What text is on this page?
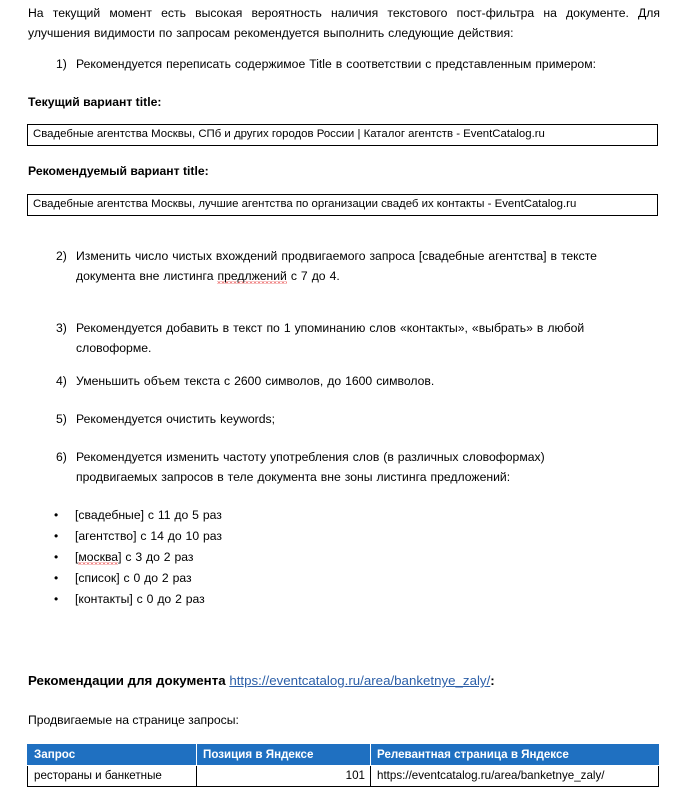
На текущий момент есть высокая вероятность наличия текстового пост-фильтра на документе. Для улучшения видимости по запросам рекомендуется выполнить следующие действия:
1) Рекомендуется переписать содержимое Title в соответствии с представленным примером:
Текущий вариант title:
Свадебные агентства Москвы, СПб и других городов России | Каталог агентств - EventCatalog.ru
Рекомендуемый вариант title:
Свадебные агентства Москвы, лучшие агентства по организации свадеб их контакты - EventCatalog.ru
2) Изменить число чистых вхождений продвигаемого запроса [свадебные агентства] в тексте документа вне листинга предлжений с 7 до 4.
3) Рекомендуется добавить в текст по 1 упоминанию слов «контакты», «выбрать» в любой словоформе.
4) Уменьшить объем текста с 2600 символов, до 1600 символов.
5) Рекомендуется очистить keywords;
6) Рекомендуется изменить частоту употребления слов (в различных словоформах) продвигаемых запросов в теле документа вне зоны листинга предложений:
•	[свадебные] с 11 до 5 раз
•	[агентство] с 14 до 10 раз
•	[москва] с 3 до 2 раз
•	[список] с 0 до 2 раз
•	[контакты] с 0 до 2 раз
Рекомендации для документа https://eventcatalog.ru/area/banketnye_zaly/:
Продвигаемые на странице запросы:
Запрос	Позиция в Яндексе	Релевантная страница в Яндексе
рестораны и банкетные	101	https://eventcatalog.ru/area/banketnye_zaly/
